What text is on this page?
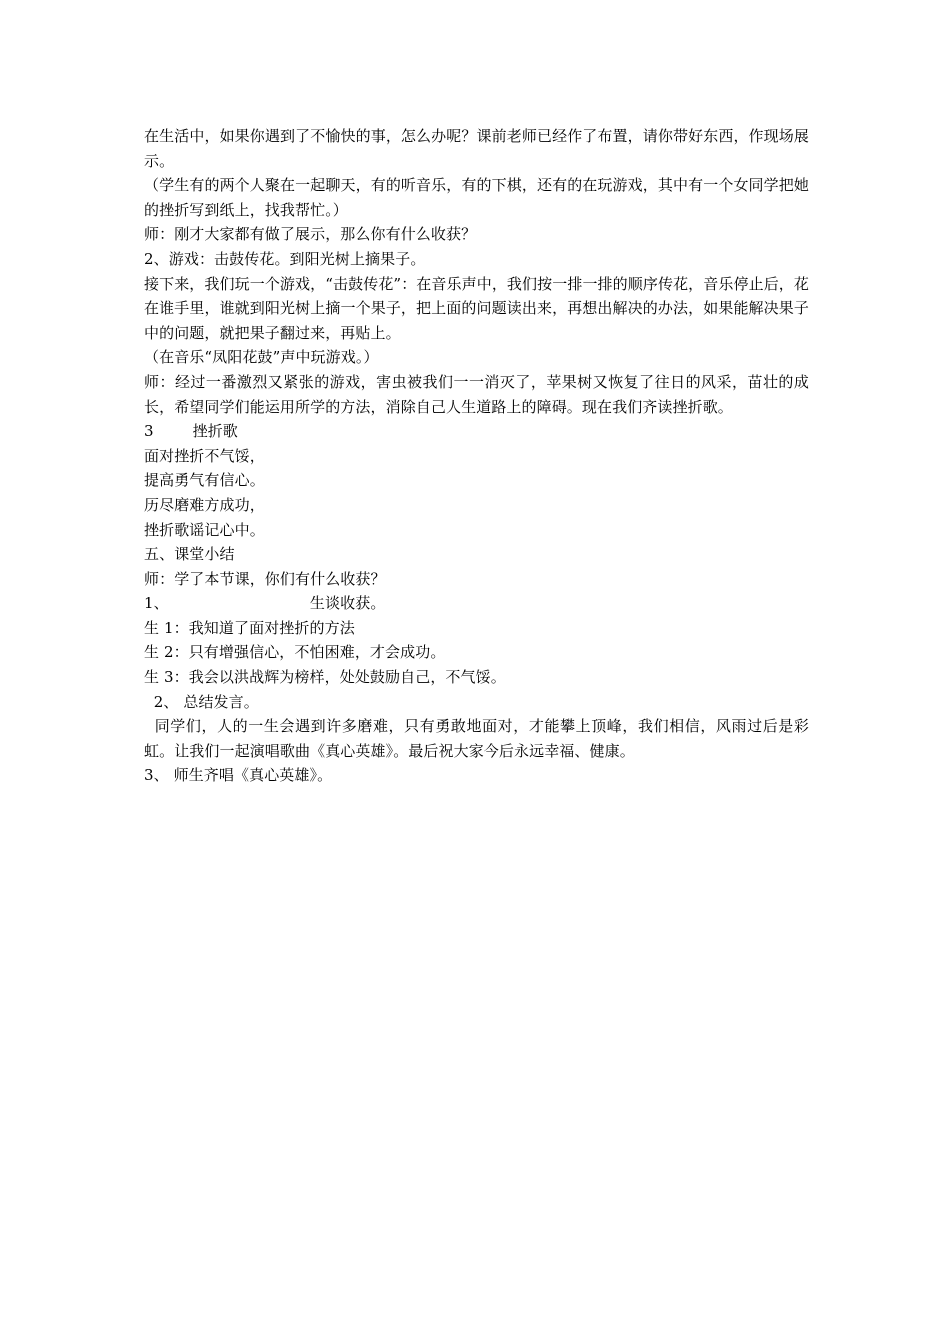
在生活中，如果你遇到了不愉快的事，怎么办呢？课前老师已经作了布置，请你带好东西，作现场展示。

（学生有的两个人聚在一起聊天，有的听音乐，有的下棋，还有的在玩游戏，其中有一个女同学把她的挫折写到纸上，找我帮忙。）

师：刚才大家都有做了展示，那么你有什么收获？

2、游戏：击鼓传花。到阳光树上摘果子。

接下来，我们玩一个游戏，“击鼓传花”：在音乐声中，我们按一排一排的顺序传花，音乐停止后，花在谁手里，谁就到阳光树上摘一个果子，把上面的问题读出来，再想出解决的办法，如果能解决果子中的问题，就把果子翻过来，再贴上。

（在音乐“凤阳花鼓”声中玩游戏。）

师：经过一番激烈又紧张的游戏，害虫被我们一一消灭了，苹果树又恢复了往日的风采，苗壮的成长，希望同学们能运用所学的方法，消除自己人生道路上的障碍。现在我们齐读挫折歌。

3        挫折歌

面对挫折不气馁，

提高勇气有信心。

历尽磨难方成功，

挫折歌谣记心中。

五、课堂小结

师：学了本节课，你们有什么收获？

1、                             生谈收获。

生 1：我知道了面对挫折的方法

生 2：只有增强信心，不怕困难，才会成功。

生 3：我会以洪战辉为榜样，处处鼓励自己，不气馁。

2、 总结发言。

同学们，人的一生会遇到许多磨难，只有勇敢地面对，才能攀上顶峰，我们相信，风雨过后是彩虹。让我们一起演唱歌曲《真心英雄》。最后祝大家今后永远幸福、健康。

3、 师生齐唱《真心英雄》。
